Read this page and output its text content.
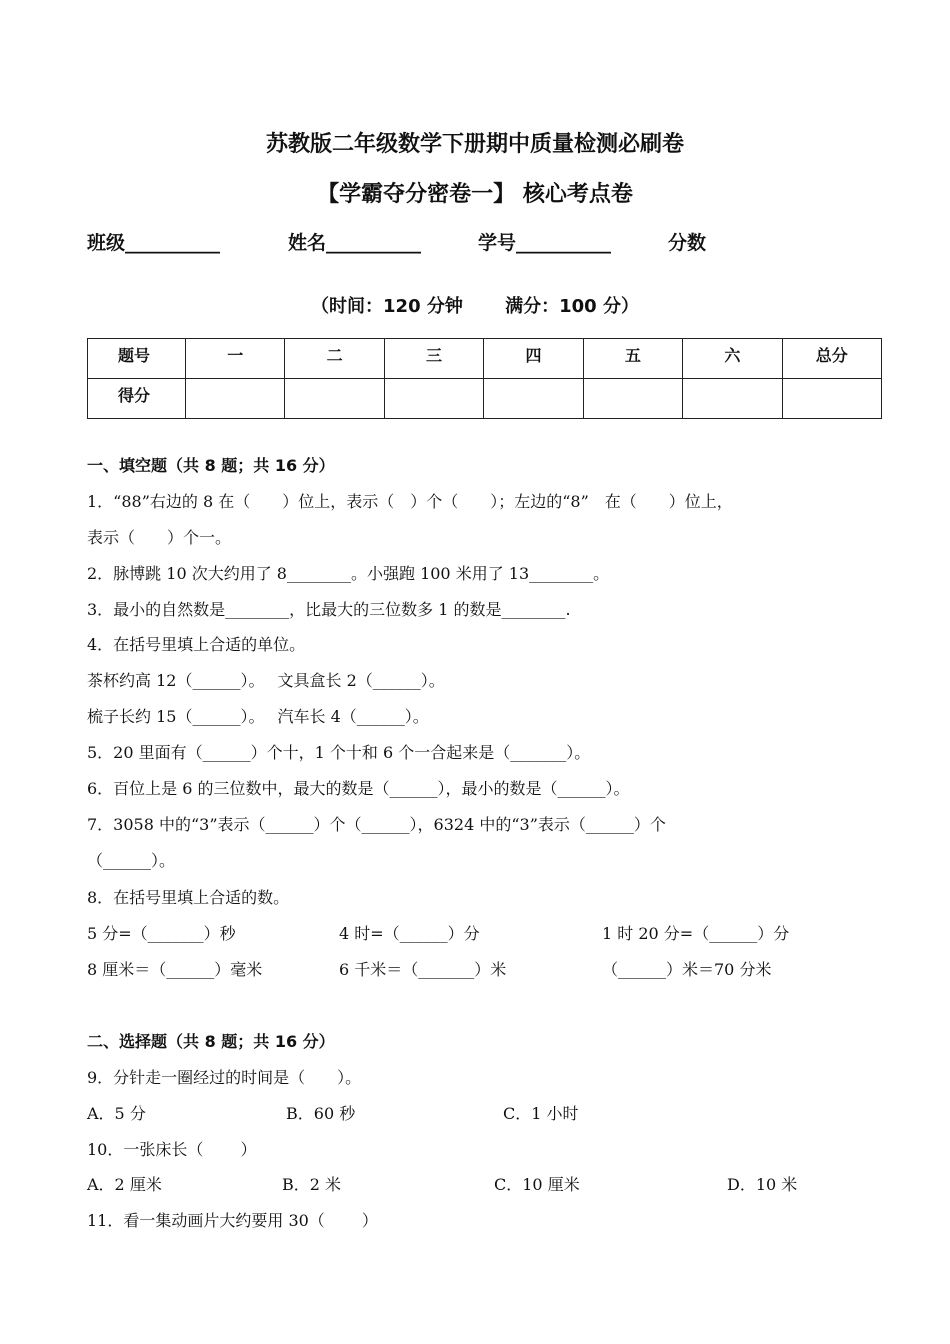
苏教版二年级数学下册期中质量检测必刷卷
【学霸夺分密卷一】 核心考点卷
班级__________	姓名__________	学号__________	分数
（时间：120 分钟　　 满分：100 分）
题号	一	二	三	四	五	六	总分
得分							
一、填空题（共 8 题；共 16 分）
1．“88”右边的 8 在（　　）位上，表示（　）个（　　）；左边的“8”　在（　　）位上，
表示（　　）个一。
2．脉博跳 10 次大约用了 8________。小强跑 100 米用了 13________。
3．最小的自然数是________，比最大的三位数多 1 的数是________.
4．在括号里填上合适的单位。
茶杯约高 12（______）。　 文具盒长 2（______）。
梳子长约 15（______）。　 汽车长 4（______）。
5．20 里面有（______）个十，1 个十和 6 个一合起来是（_______）。
6．百位上是 6 的三位数中，最大的数是（______），最小的数是（______）。
7．3058 中的“3”表示（______）个（______），6324 中的“3”表示（______）个
（______）。
8．在括号里填上合适的数。
5 分=（_______）秒	4 时=（______）分	1 时 20 分=（______）分
8 厘米＝（______）毫米	6 千米＝（_______）米	（______）米＝70 分米
二、选择题（共 8 题；共 16 分）
9．分针走一圈经过的时间是（　　）。
A．5 分	B．60 秒	C．1 小时
10．一张床长（　　 ）
A．2 厘米	B．2 米	C．10 厘米	D．10 米
11．看一集动画片大约要用 30（　　 ）
